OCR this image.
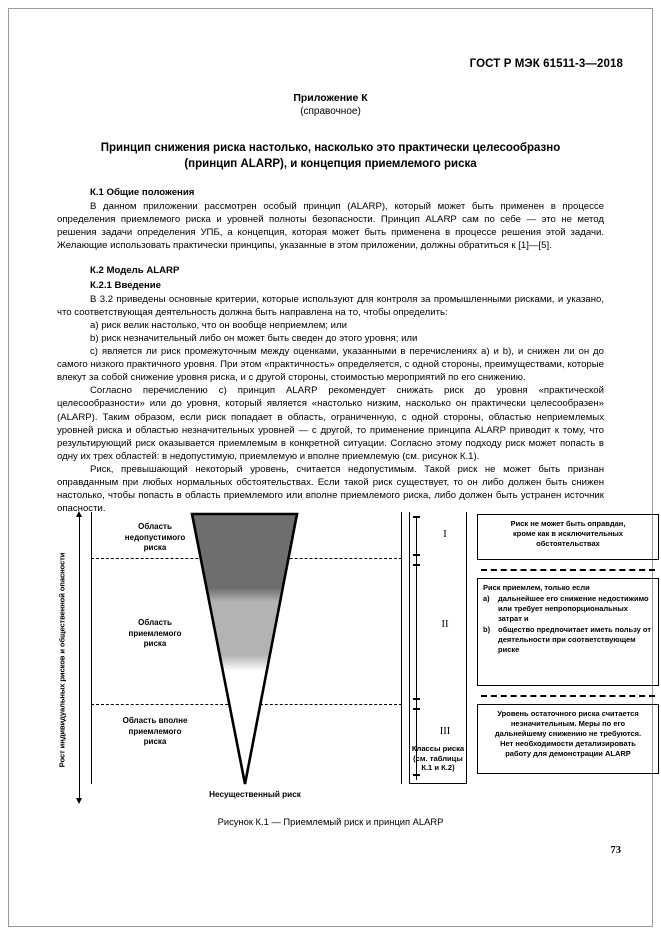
ГОСТ Р МЭК 61511-3—2018
Приложение К
(справочное)
Принцип снижения риска настолько, насколько это практически целесообразно
(принцип ALARP), и концепция приемлемого риска

К.1 Общие положения

В данном приложении рассмотрен особый принцип (ALARP), который может быть применен в процессе определения приемлемого риска и уровней полноты безопасности. Принцип ALARP сам по себе — это не метод решения задачи определения УПБ, а концепция, которая может быть применена в процессе решения этой задачи. Желающие использовать практически принципы, указанные в этом приложении, должны обратиться к [1]—[5].

К.2 Модель ALARP

К.2.1 Введение

В 3.2 приведены основные критерии, которые используют для контроля за промышленными рисками, и указано, что соответствующая деятельность должна быть направлена на то, чтобы определить:

a) риск велик настолько, что он вообще неприемлем; или

b) риск незначительный либо он может быть сведен до этого уровня; или

c) является ли риск промежуточным между оценками, указанными в перечислениях a) и b), и снижен ли он до самого низкого практичного уровня. При этом «практичность» определяется, с одной стороны, преимуществами, которые влекут за собой снижение уровня риска, и с другой стороны, стоимостью мероприятий по его снижению.

Согласно перечислению c) принцип ALARP рекомендует снижать риск до уровня «практической целесообразности» или до уровня, который является «настолько низким, насколько он практически целесообразен» (ALARP). Таким образом, если риск попадает в область, ограниченную, с одной стороны, областью неприемлемых уровней риска и областью незначительных уровней — с другой, то применение принципа ALARP приводит к тому, что результирующий риск оказывается приемлемым в конкретной ситуации. Согласно этому подходу риск может попасть в одну их трех областей: в недопустимую, приемлемую и вполне приемлемую (см. рисунок К.1).

Риск, превышающий некоторый уровень, считается недопустимым. Такой риск не может быть признан оправданным при любых нормальных обстоятельствах. Если такой риск существует, то он либо должен быть снижен настолько, чтобы попасть в область приемлемого или вполне приемлемого риска, либо должен быть устранен источник опасности.

Рост индивидуальных рисков и общественной опасности
Область
недопустимого
риска
Область
приемлемого
риска
Область вполне
приемлемого
риска
I
II
III
Классы риска
(см. таблицы
К.1 и К.2)
Риск не может быть оправдан,
кроме как в исключительных
обстоятельствах
Риск приемлем, только если
a) дальнейшее его снижение недостижимо или требует непропорциональных затрат и
b) общество предпочитает иметь пользу от деятельности при соответствующем риске
Уровень остаточного риска считается
незначительным. Меры по его
дальнейшему снижению не требуются.
Нет необходимости детализировать
работу для демонстрации ALARP
Несущественный риск
Рисунок К.1 — Приемлемый риск и принцип ALARP
73
